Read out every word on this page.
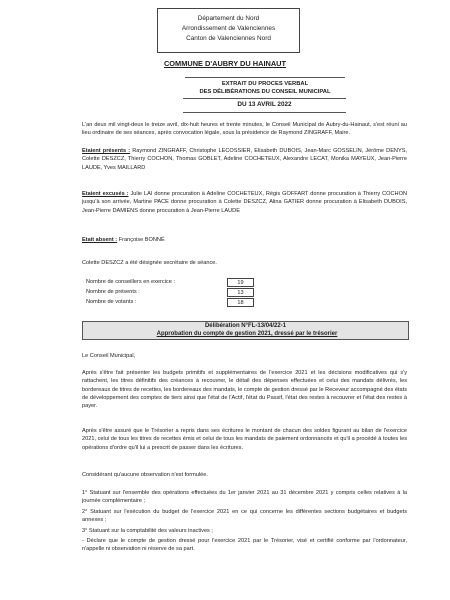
Département du Nord
Arrondissement de Valenciennes
Canton de Valenciennes Nord
COMMUNE D'AUBRY DU HAINAUT
EXTRAIT DU PROCES VERBAL
DES DÉLIBÉRATIONS DU CONSEIL MUNICIPAL
DU 13 AVRIL 2022
L'an deux mil vingt-deux le treize avril, dix-huit heures et trente minutes, le Conseil Municipal de Aubry-du-Hainaut, s'est réuni au lieu ordinaire de ses séances, après convocation légale, sous la présidence de Raymond ZINGRAFF, Maire.
Etaient présents : Raymond ZINGRAFF, Christophe LECOSSIER, Elisabeth DUBOIS, Jean-Marc GOSSELIN, Jérôme DENYS, Colette DESZCZ, Thierry COCHON, Thomas GOBLET, Adeline COCHETEUX, Alexandre LECAT, Monika MAYEUX, Jean-Pierre LAUDE, Yves MAILLARD
Etaient excusés : Julie LAI donne procuration à Adeline COCHETEUX, Régis GOFFART donne procuration à Thierry COCHON jusqu'à son arrivée, Martine PACE donne procuration à Colette DESZCZ, Alina GATIER donne procuration à Elisabeth DUBOIS, Jean-Pierre DAMIENS donne procuration à Jean-Pierre LAUDE
Etait absent : Françoise BONNÉ
Colette DESZCZ a été désignée secrétaire de séance.
Nombre de conseillers en exercice :	19
Nombre de présents :	13
Nombre de votants :	18
Délibération N°FL-13/04/22-1
Approbation du compte de gestion 2021, dressé par le trésorier
Le Conseil Municipal,
Après s'être fait présenter les budgets primitifs et supplémentaires de l'exercice 2021 et les décisions modificatives qui s'y rattachent, les titres définitifs des créances à recouvrer, le détail des dépenses effectuées et celui des mandats délivrés, les bordereaux de titres de recettes, les bordereaux des mandats, le compte de gestion dressé par le Receveur accompagné des états de développement des comptes de tiers ainsi que l'état de l'Actif, l'état du Passif, l'état des restes à recouvrer et l'état des restes à payer.
Après s'être assuré que le Trésorier a repris dans ses écritures le montant de chacun des soldes figurant au bilan de l'exercice 2021, celui de tous les titres de recettes émis et celui de tous les mandats de paiement ordonnancés et qu'il a procédé à toutes les opérations d'ordre qu'il lui a prescrit de passer dans les écritures.
Considérant qu'aucune observation n'est formulée.
1° Statuant sur l'ensemble des opérations effectuées du 1er janvier 2021 au 31 décembre 2021 y compris celles relatives à la journée complémentaire ;
2° Statuant sur l'exécution du budget de l'exercice 2021 en ce qui concerne les différentes sections budgétaires et budgets annexes ;
3° Statuant sur la comptabilité des valeurs inactives ;
- Déclare que le compte de gestion dressé pour l'exercice 2021 par le Trésorier, visé et certifié conforme par l'ordonnateur, n'appelle ni observation ni réserve de sa part.
